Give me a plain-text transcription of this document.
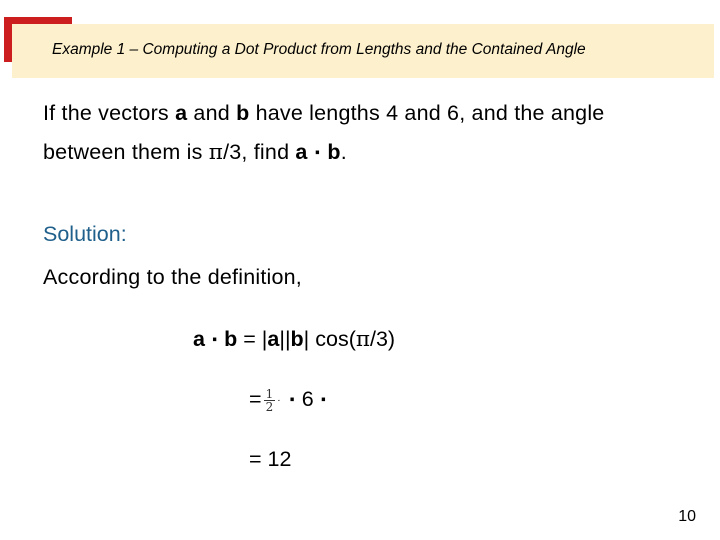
Example 1 – Computing a Dot Product from Lengths and the Contained Angle
If the vectors a and b have lengths 4 and 6, and the angle
between them is π/3, find a ⋅ b.
Solution:
According to the definition,
a ⋅ b = |a||b| cos(π/3)
= $\frac{1}{2}$ · ⋅ 6 ⋅
= 12
10
